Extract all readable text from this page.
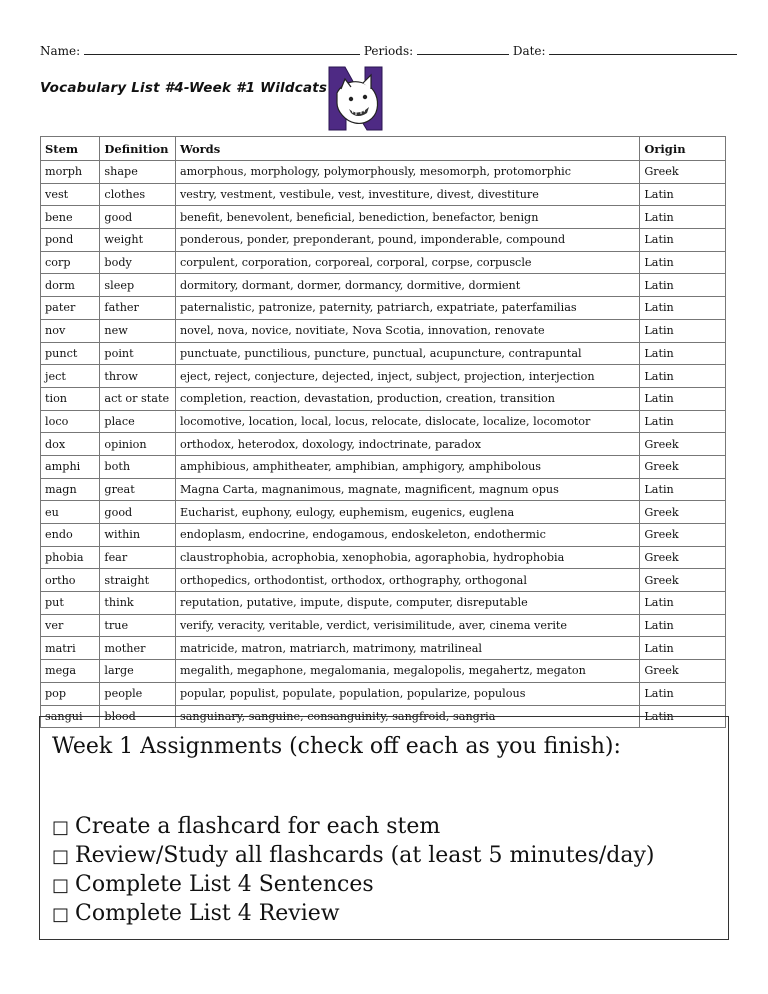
Name:	Periods:	Date:
Vocabulary List #4-Week #1 Wildcats
Stem	Definition	Words	Origin
morph	shape	amorphous, morphology, polymorphously, mesomorph, protomorphic	Greek
vest	clothes	vestry, vestment, vestibule, vest, investiture, divest, divestiture	Latin
bene	good	benefit, benevolent, beneficial, benediction, benefactor, benign	Latin
pond	weight	ponderous, ponder, preponderant, pound, imponderable, compound	Latin
corp	body	corpulent, corporation, corporeal, corporal, corpse, corpuscle	Latin
dorm	sleep	dormitory, dormant, dormer, dormancy, dormitive, dormient	Latin
pater	father	paternalistic, patronize, paternity, patriarch, expatriate, paterfamilias	Latin
nov	new	novel, nova, novice, novitiate, Nova Scotia, innovation, renovate	Latin
punct	point	punctuate, punctilious, puncture, punctual, acupuncture, contrapuntal	Latin
ject	throw	eject, reject, conjecture, dejected, inject, subject, projection, interjection	Latin
tion	act or state	completion, reaction, devastation, production, creation, transition	Latin
loco	place	locomotive, location, local, locus, relocate, dislocate, localize, locomotor	Latin
dox	opinion	orthodox, heterodox, doxology, indoctrinate, paradox	Greek
amphi	both	amphibious, amphitheater, amphibian, amphigory, amphibolous	Greek
magn	great	Magna Carta, magnanimous, magnate, magnificent, magnum opus	Latin
eu	good	Eucharist, euphony, eulogy, euphemism, eugenics, euglena	Greek
endo	within	endoplasm, endocrine, endogamous, endoskeleton, endothermic	Greek
phobia	fear	claustrophobia, acrophobia, xenophobia, agoraphobia, hydrophobia	Greek
ortho	straight	orthopedics, orthodontist, orthodox, orthography, orthogonal	Greek
put	think	reputation, putative, impute, dispute, computer, disreputable	Latin
ver	true	verify, veracity, veritable, verdict, verisimilitude, aver, cinema verite	Latin
matri	mother	matricide, matron, matriarch, matrimony, matrilineal	Latin
mega	large	megalith, megaphone, megalomania, megalopolis, megahertz, megaton	Greek
pop	people	popular, populist, populate, population, popularize, populous	Latin
sangui	blood	sanguinary, sanguine, consanguinity, sangfroid, sangria	Latin
Week 1 Assignments (check off each as you finish):
□ Create a flashcard for each stem
□ Review/Study all flashcards (at least 5 minutes/day)
□ Complete List 4 Sentences
□ Complete List 4 Review
